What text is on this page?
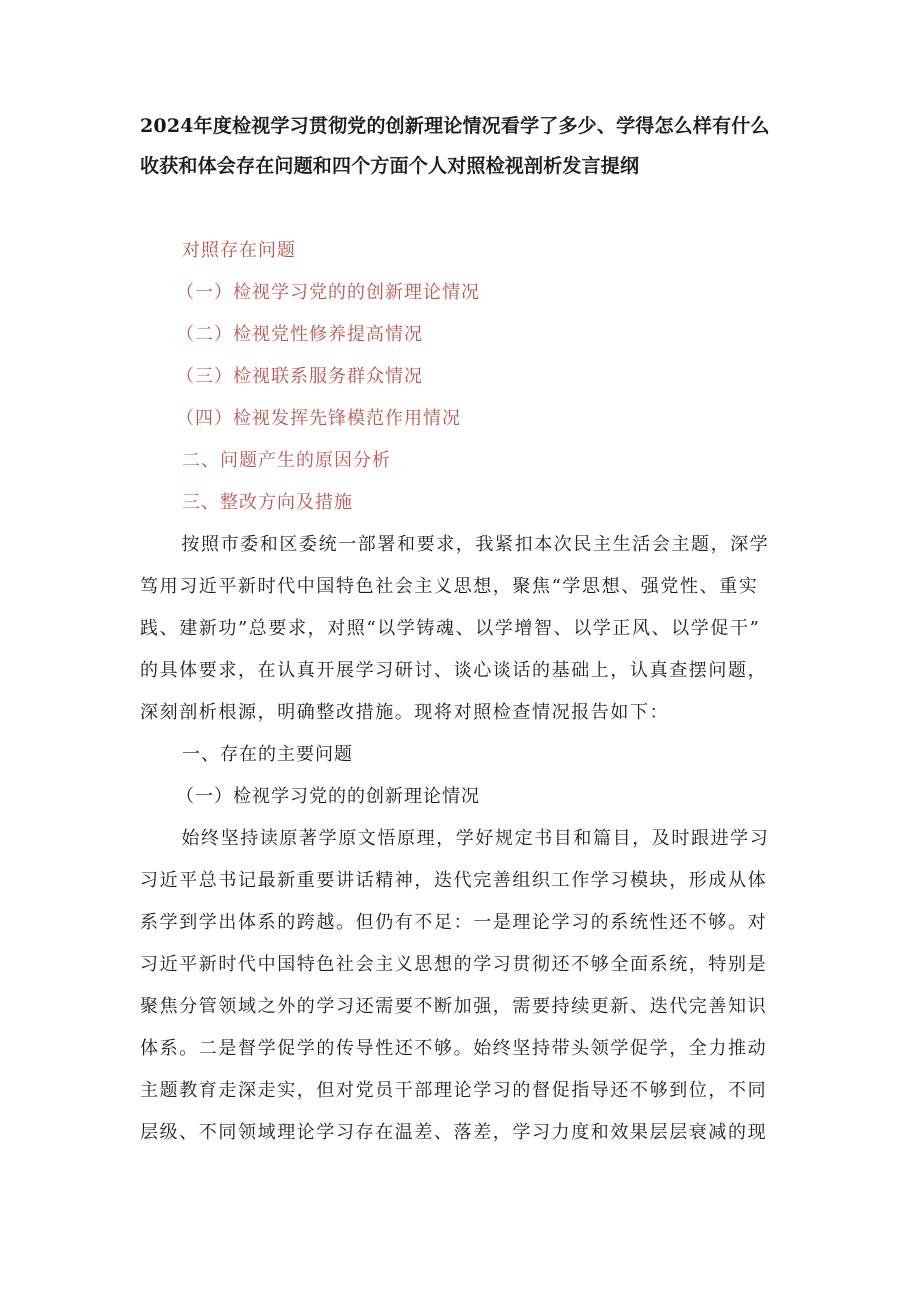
2024年度检视学习贯彻党的创新理论情况看学了多少、学得怎么样有什么
收获和体会存在问题和四个方面个人对照检视剖析发言提纲
对照存在问题
（一）检视学习党的的创新理论情况
（二）检视党性修养提高情况
（三）检视联系服务群众情况
（四）检视发挥先锋模范作用情况
二、问题产生的原因分析
三、整改方向及措施

按照市委和区委统一部署和要求，我紧扣本次民主生活会主题，深学
笃用习近平新时代中国特色社会主义思想，聚焦“学思想、强党性、重实
践、建新功”总要求，对照“以学铸魂、以学增智、以学正风、以学促干”
的具体要求，在认真开展学习研讨、谈心谈话的基础上，认真查摆问题，
深刻剖析根源，明确整改措施。现将对照检查情况报告如下：

一、存在的主要问题

（一）检视学习党的的创新理论情况

始终坚持读原著学原文悟原理，学好规定书目和篇目，及时跟进学习
习近平总书记最新重要讲话精神，迭代完善组织工作学习模块，形成从体
系学到学出体系的跨越。但仍有不足：一是理论学习的系统性还不够。对
习近平新时代中国特色社会主义思想的学习贯彻还不够全面系统，特别是
聚焦分管领域之外的学习还需要不断加强，需要持续更新、迭代完善知识
体系。二是督学促学的传导性还不够。始终坚持带头领学促学，全力推动
主题教育走深走实，但对党员干部理论学习的督促指导还不够到位，不同
层级、不同领域理论学习存在温差、落差，学习力度和效果层层衰减的现
